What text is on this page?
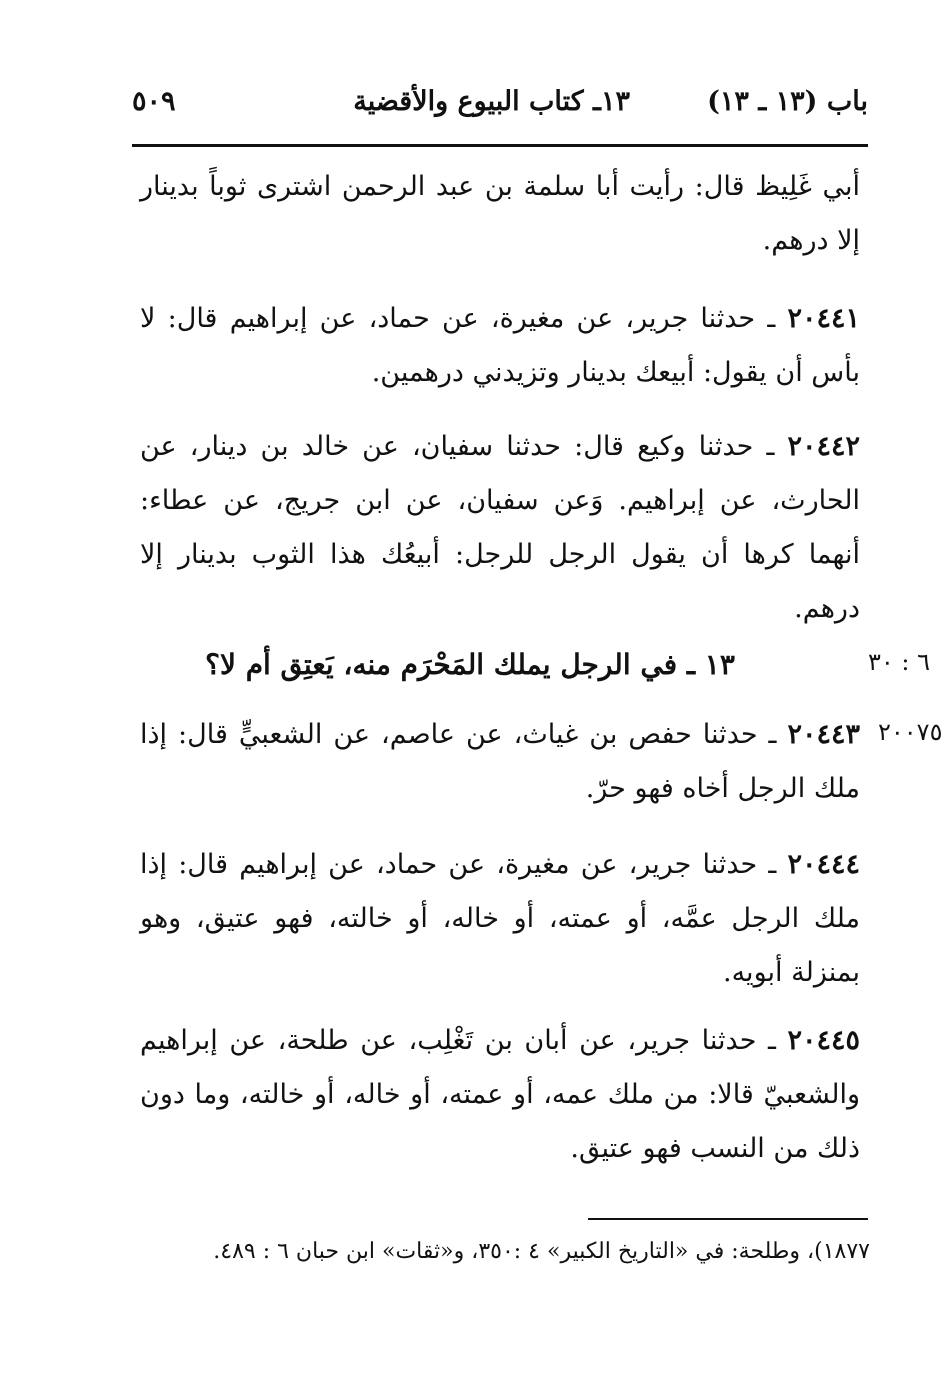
باب (١٣ ـ ١٣)
١٣ـ كتاب البيوع والأقضية
٥٠٩
أبي غَلِيظ قال: رأيت أبا سلمة بن عبد الرحمن اشترى ثوباً بدينار إلا درهم.
٢٠٤٤١ ـ حدثنا جرير، عن مغيرة، عن حماد، عن إبراهيم قال: لا بأس أن يقول: أبيعك بدينار وتزيدني درهمين.
٢٠٤٤٢ ـ حدثنا وكيع قال: حدثنا سفيان، عن خالد بن دينار، عن الحارث، عن إبراهيم. وَعن سفيان، عن ابن جريج، عن عطاء: أنهما كرها أن يقول الرجل للرجل: أبيعُك هذا الثوب بدينار إلا درهم.
٦ : ٣٠
١٣ ـ في الرجل يملك المَحْرَم منه، يَعتِق أم لا؟
٢٠٠٧٥
٢٠٤٤٣ ـ حدثنا حفص بن غياث، عن عاصم، عن الشعبيٍّ قال: إذا ملك الرجل أخاه فهو حرّ.
٢٠٤٤٤ ـ حدثنا جرير، عن مغيرة، عن حماد، عن إبراهيم قال: إذا ملك الرجل عمَّه، أو عمته، أو خاله، أو خالته، فهو عتيق، وهو بمنزلة أبويه.
٢٠٤٤٥ ـ حدثنا جرير، عن أبان بن تَغْلِب، عن طلحة، عن إبراهيم والشعبيّ قالا: من ملك عمه، أو عمته، أو خاله، أو خالته، وما دون ذلك من النسب فهو عتيق.
١٨٧٧)، وطلحة: في «التاريخ الكبير» ٤ :٣٥٠، و«ثقات» ابن حبان ٦ : ٤٨٩.
